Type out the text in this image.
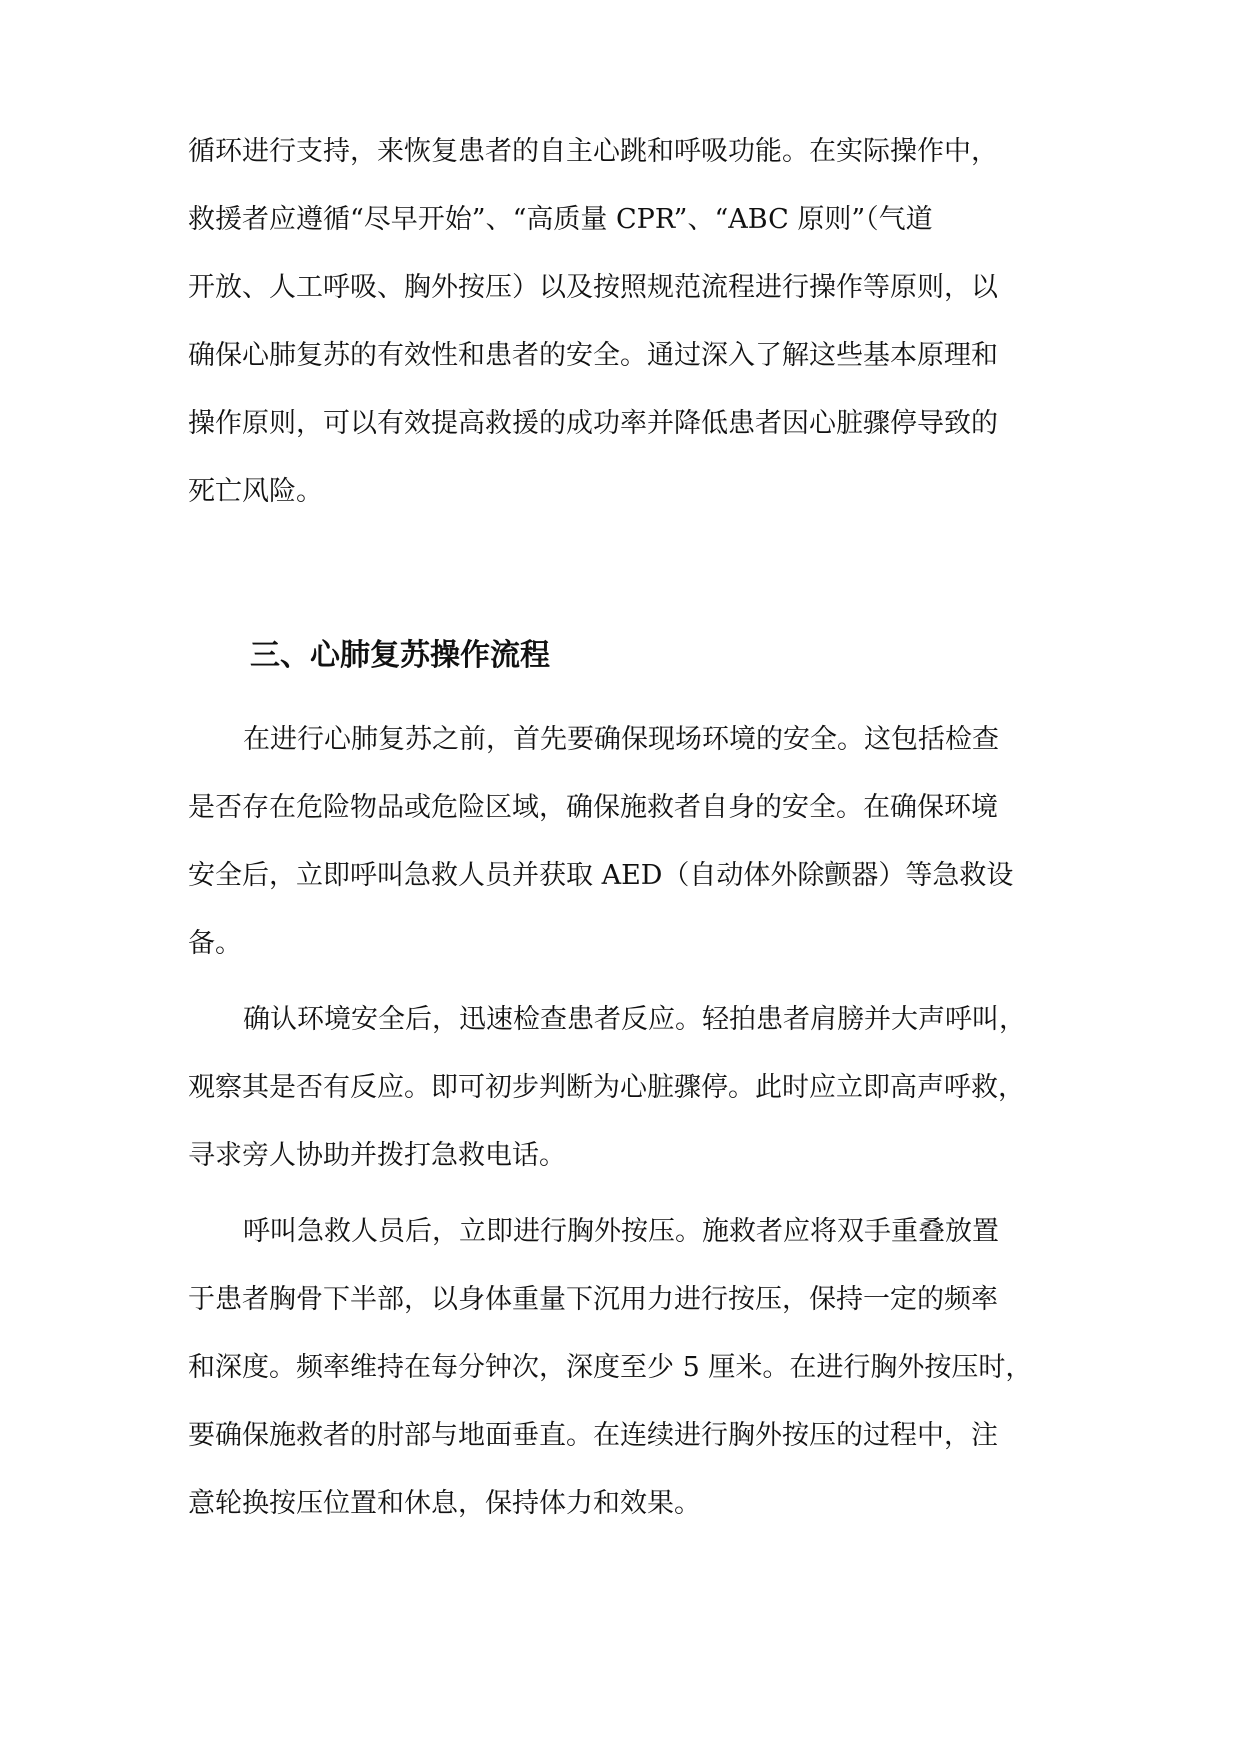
循环进行支持，来恢复患者的自主心跳和呼吸功能。在实际操作中，
救援者应遵循“尽早开始”、“高质量 CPR”、“ABC 原则”（气道
开放、人工呼吸、胸外按压）以及按照规范流程进行操作等原则，以
确保心肺复苏的有效性和患者的安全。通过深入了解这些基本原理和
操作原则，可以有效提高救援的成功率并降低患者因心脏骤停导致的
死亡风险。
三、心肺复苏操作流程
在进行心肺复苏之前，首先要确保现场环境的安全。这包括检查
是否存在危险物品或危险区域，确保施救者自身的安全。在确保环境
安全后，立即呼叫急救人员并获取 AED（自动体外除颤器）等急救设
备。
确认环境安全后，迅速检查患者反应。轻拍患者肩膀并大声呼叫，
观察其是否有反应。即可初步判断为心脏骤停。此时应立即高声呼救，
寻求旁人协助并拨打急救电话。
呼叫急救人员后，立即进行胸外按压。施救者应将双手重叠放置
于患者胸骨下半部，以身体重量下沉用力进行按压，保持一定的频率
和深度。频率维持在每分钟次，深度至少 5 厘米。在进行胸外按压时，
要确保施救者的肘部与地面垂直。在连续进行胸外按压的过程中，注
意轮换按压位置和休息，保持体力和效果。
